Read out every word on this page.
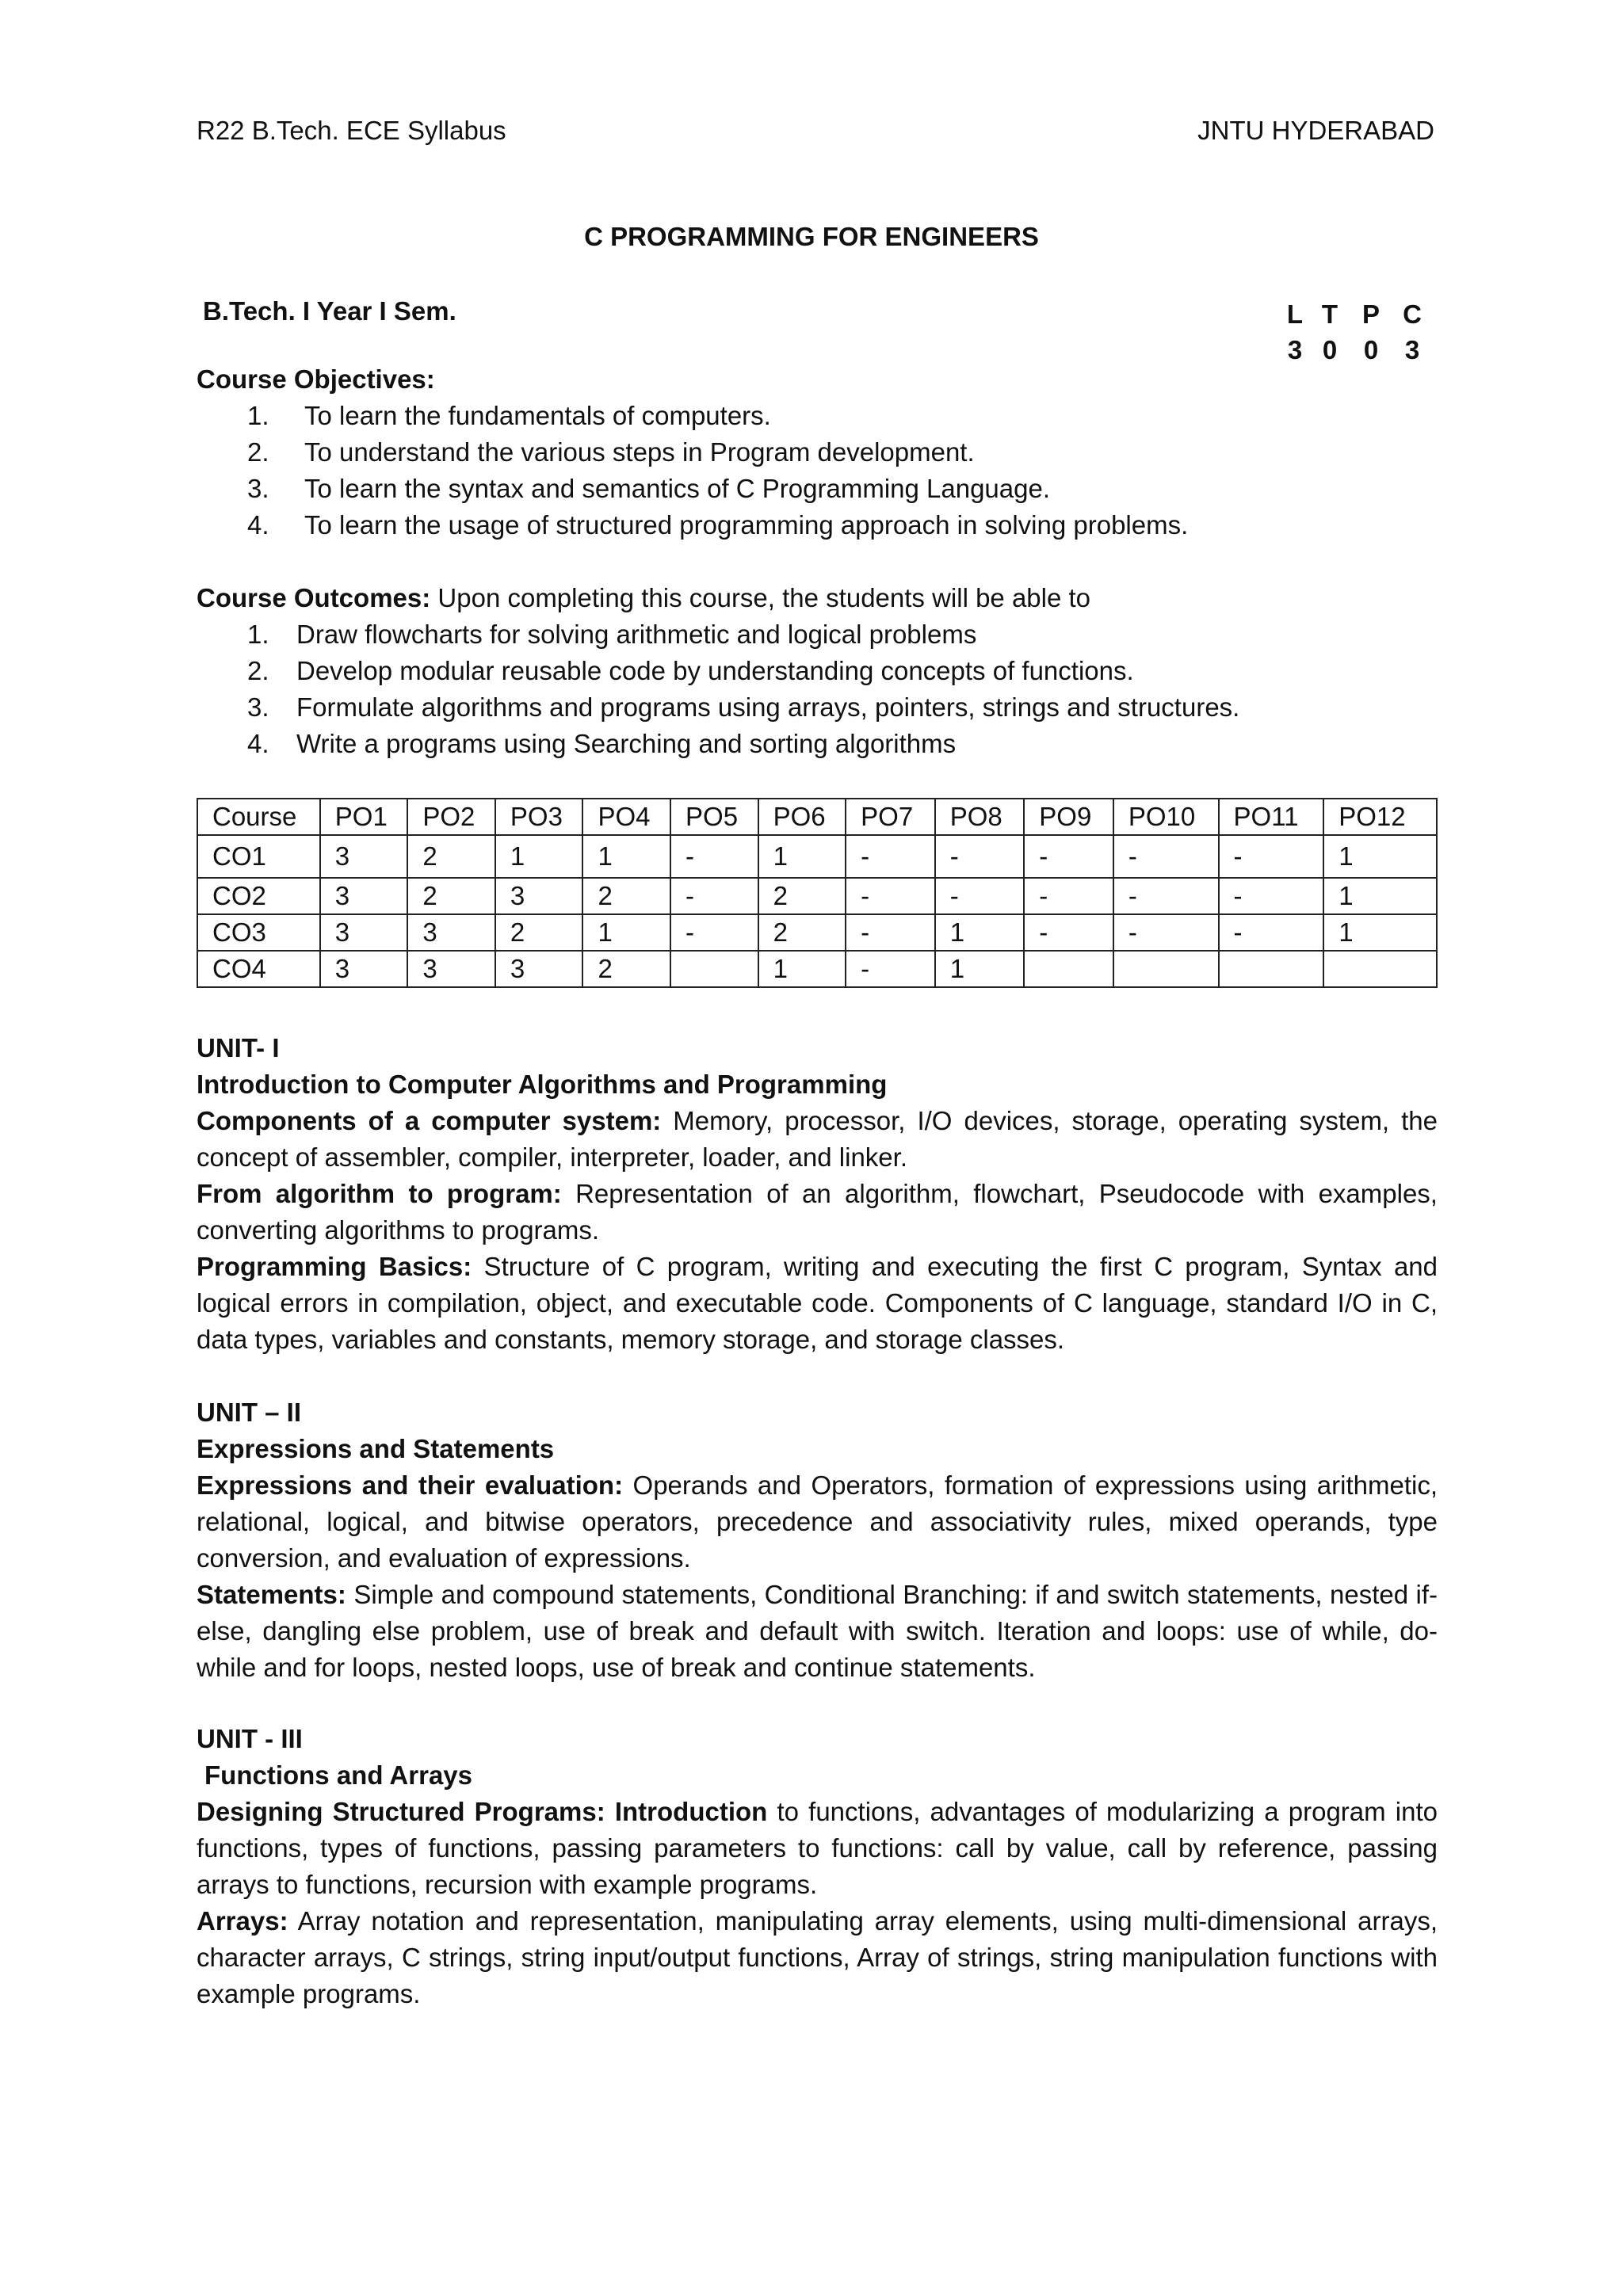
R22 B.Tech. ECE Syllabus	JNTU HYDERABAD
C PROGRAMMING FOR ENGINEERS
B.Tech. I Year I Sem.	L T P C
3 0	0	3
Course Objectives:
1. To learn the fundamentals of computers.
2. To understand the various steps in Program development.
3. To learn the syntax and semantics of C Programming Language.
4. To learn the usage of structured programming approach in solving problems.
Course Outcomes: Upon completing this course, the students will be able to
1. Draw flowcharts for solving arithmetic and logical problems
2. Develop modular reusable code by understanding concepts of functions.
3. Formulate algorithms and programs using arrays, pointers, strings and structures.
4. Write a programs using Searching and sorting algorithms
Course	PO1	PO2	PO3	PO4	PO5	PO6	PO7	PO8	PO9	PO10	PO11	PO12
CO1	3	2	1	1	-	1	-	-	-	-	-	1
CO2	3	2	3	2	-	2	-	-	-	-	-	1
CO3	3	3	2	1	-	2	-	1	-	-	-	1
CO4	3	3	3	2		1	-	1				
UNIT- I
Introduction to Computer Algorithms and Programming
Components of a computer system: Memory, processor, I/O devices, storage, operating system, the concept of assembler, compiler, interpreter, loader, and linker.
From algorithm to program: Representation of an algorithm, flowchart, Pseudocode with examples, converting algorithms to programs.
Programming Basics: Structure of C program, writing and executing the first C program, Syntax and logical errors in compilation, object, and executable code. Components of C language, standard I/O in C, data types, variables and constants, memory storage, and storage classes.
UNIT – II
Expressions and Statements
Expressions and their evaluation: Operands and Operators, formation of expressions using arithmetic, relational, logical, and bitwise operators, precedence and associativity rules, mixed operands, type conversion, and evaluation of expressions.
Statements: Simple and compound statements, Conditional Branching: if and switch statements, nested if-else, dangling else problem, use of break and default with switch. Iteration and loops: use of while, do-while and for loops, nested loops, use of break and continue statements.
UNIT - III
Functions and Arrays
Designing Structured Programs: Introduction to functions, advantages of modularizing a program into functions, types of functions, passing parameters to functions: call by value, call by reference, passing arrays to functions, recursion with example programs.
Arrays: Array notation and representation, manipulating array elements, using multi-dimensional arrays, character arrays, C strings, string input/output functions, Array of strings, string manipulation functions with example programs.
